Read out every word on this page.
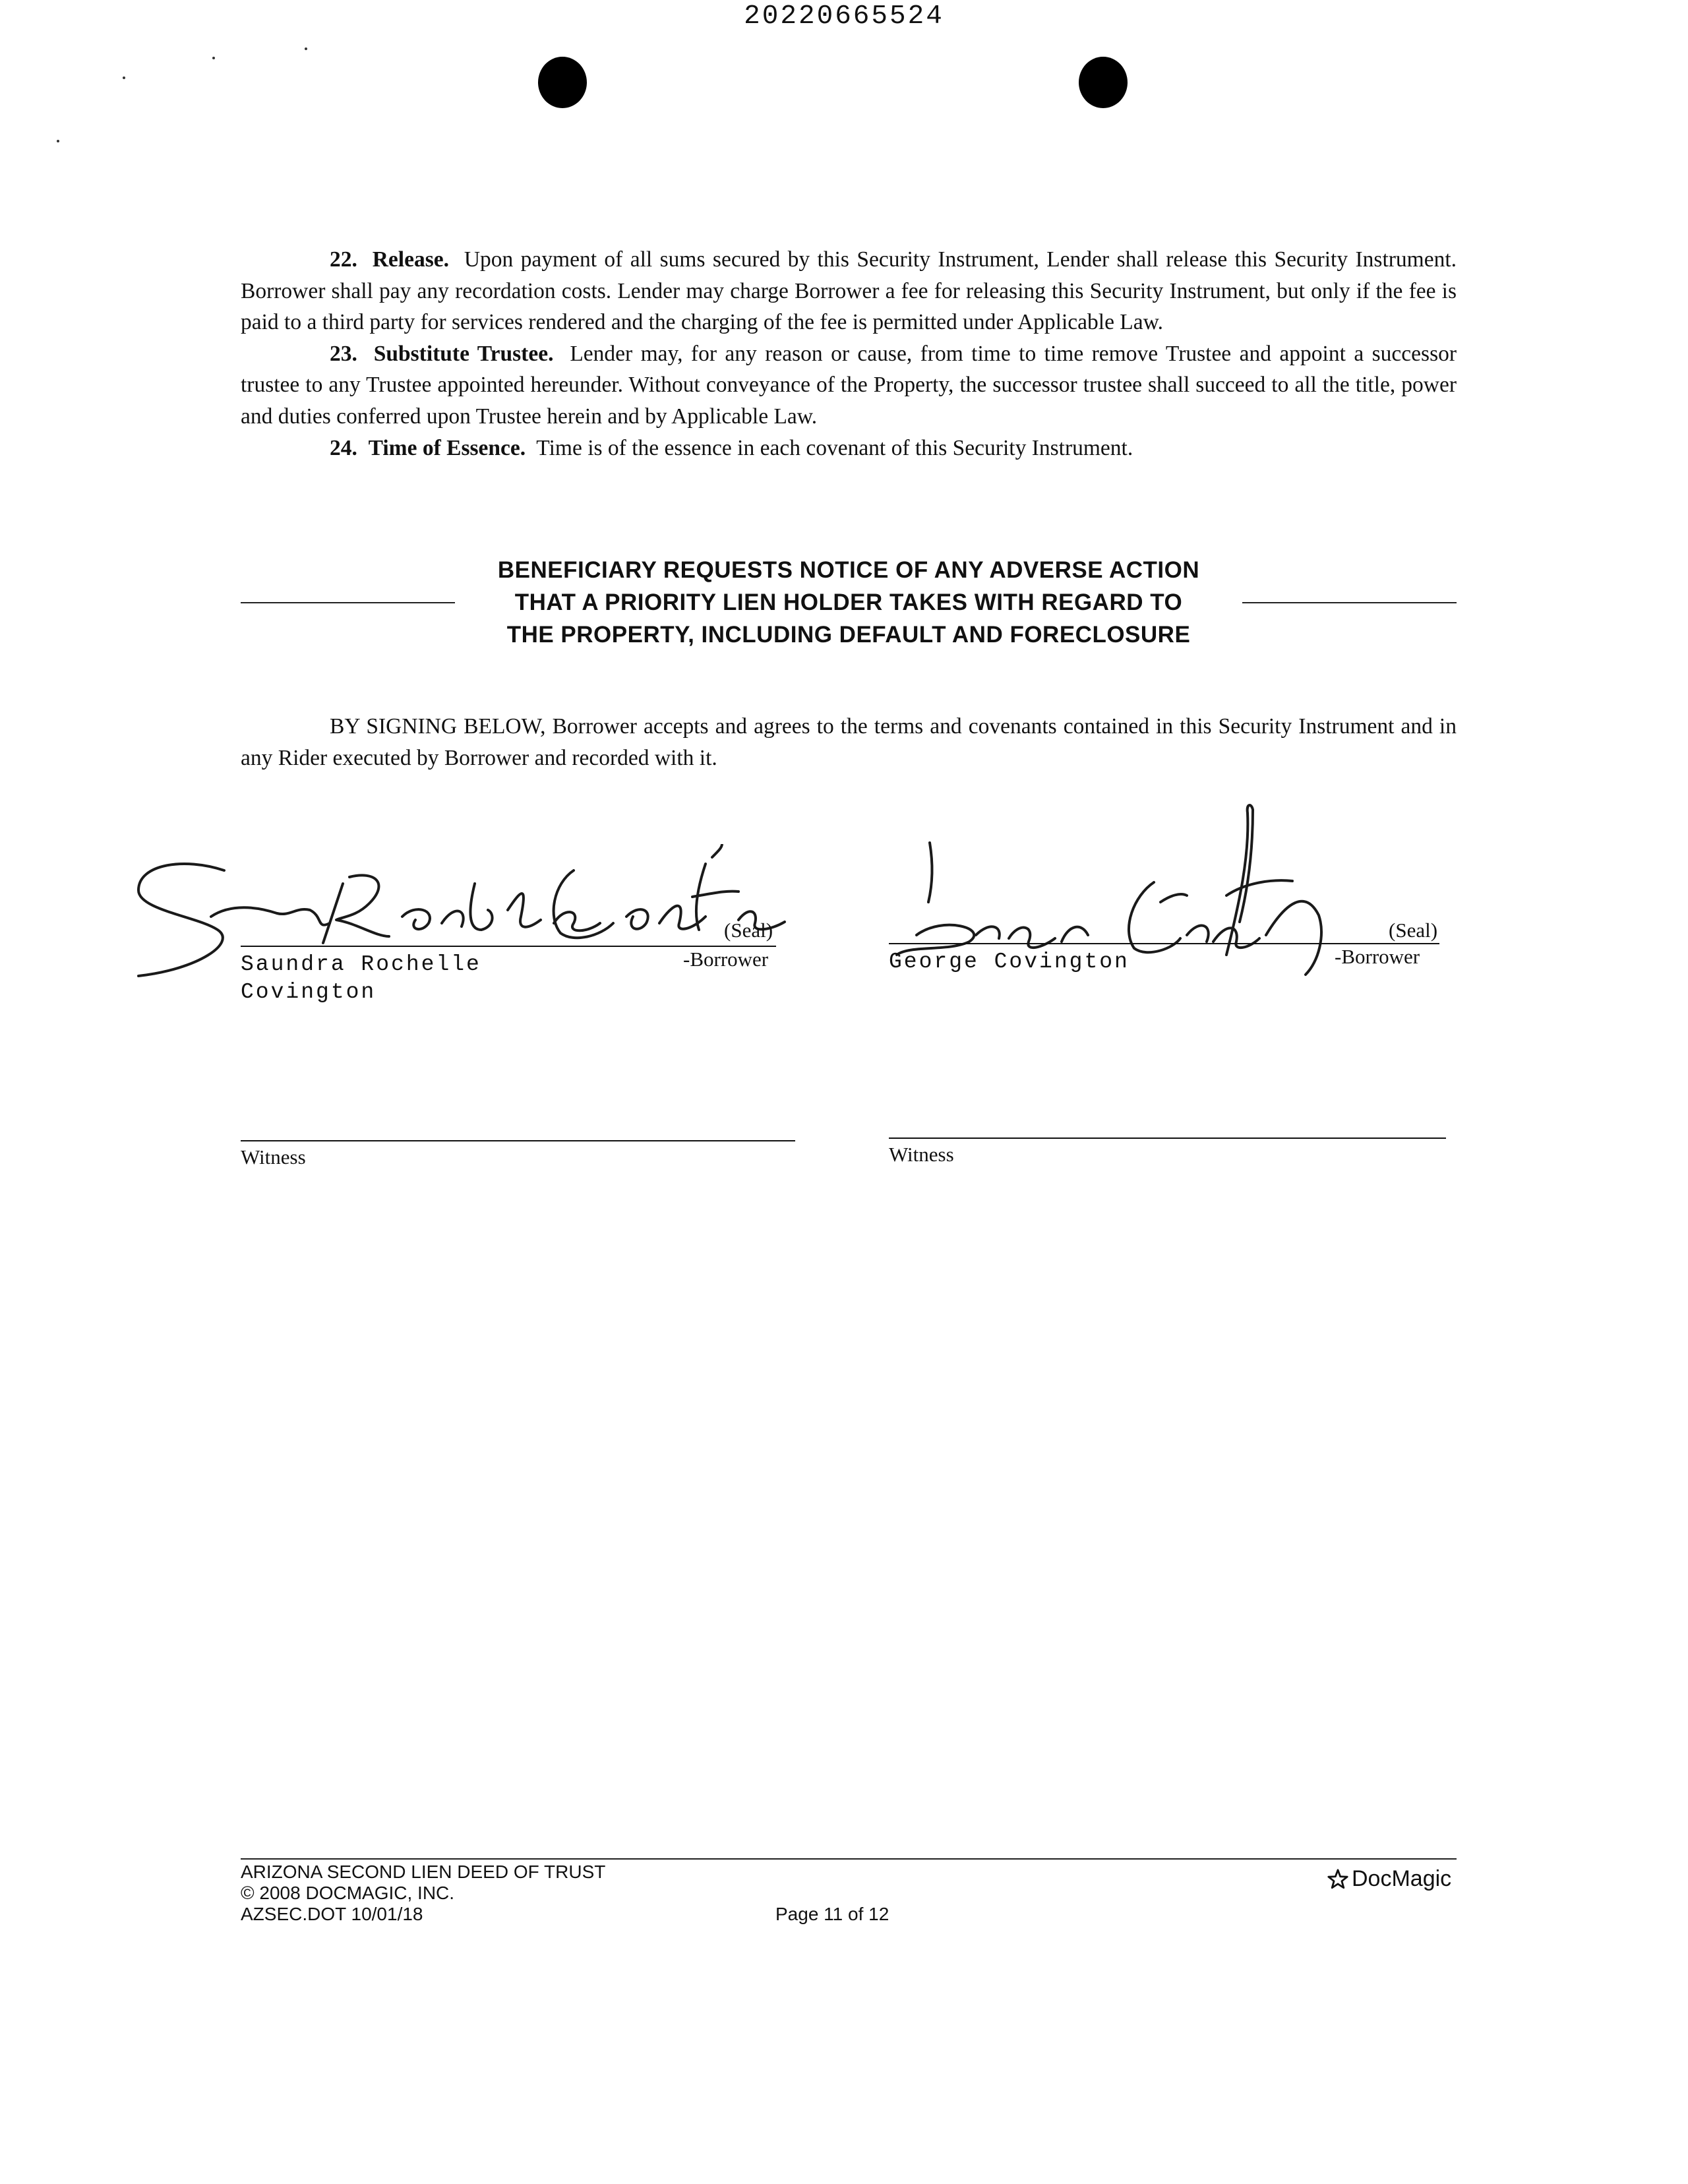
20220665524

22. Release. Upon payment of all sums secured by this Security Instrument, Lender shall release this Security Instrument. Borrower shall pay any recordation costs. Lender may charge Borrower a fee for releasing this Security Instrument, but only if the fee is paid to a third party for services rendered and the charging of the fee is permitted under Applicable Law.

23. Substitute Trustee. Lender may, for any reason or cause, from time to time remove Trustee and appoint a successor trustee to any Trustee appointed hereunder. Without conveyance of the Property, the successor trustee shall succeed to all the title, power and duties conferred upon Trustee herein and by Applicable Law.

24. Time of Essence. Time is of the essence in each covenant of this Security Instrument.

BENEFICIARY REQUESTS NOTICE OF ANY ADVERSE ACTION
THAT A PRIORITY LIEN HOLDER TAKES WITH REGARD TO
THE PROPERTY, INCLUDING DEFAULT AND FORECLOSURE

BY SIGNING BELOW, Borrower accepts and agrees to the terms and covenants contained in this Security Instrument and in any Rider executed by Borrower and recorded with it.

(Seal)
Saundra Rochelle
Covington
-Borrower
(Seal)
George Covington	-Borrower
Witness	Witness
ARIZONA SECOND LIEN DEED OF TRUST
© 2008 DOCMAGIC, INC.
AZSEC.DOT 10/01/18	Page 11 of 12
DocMagic
